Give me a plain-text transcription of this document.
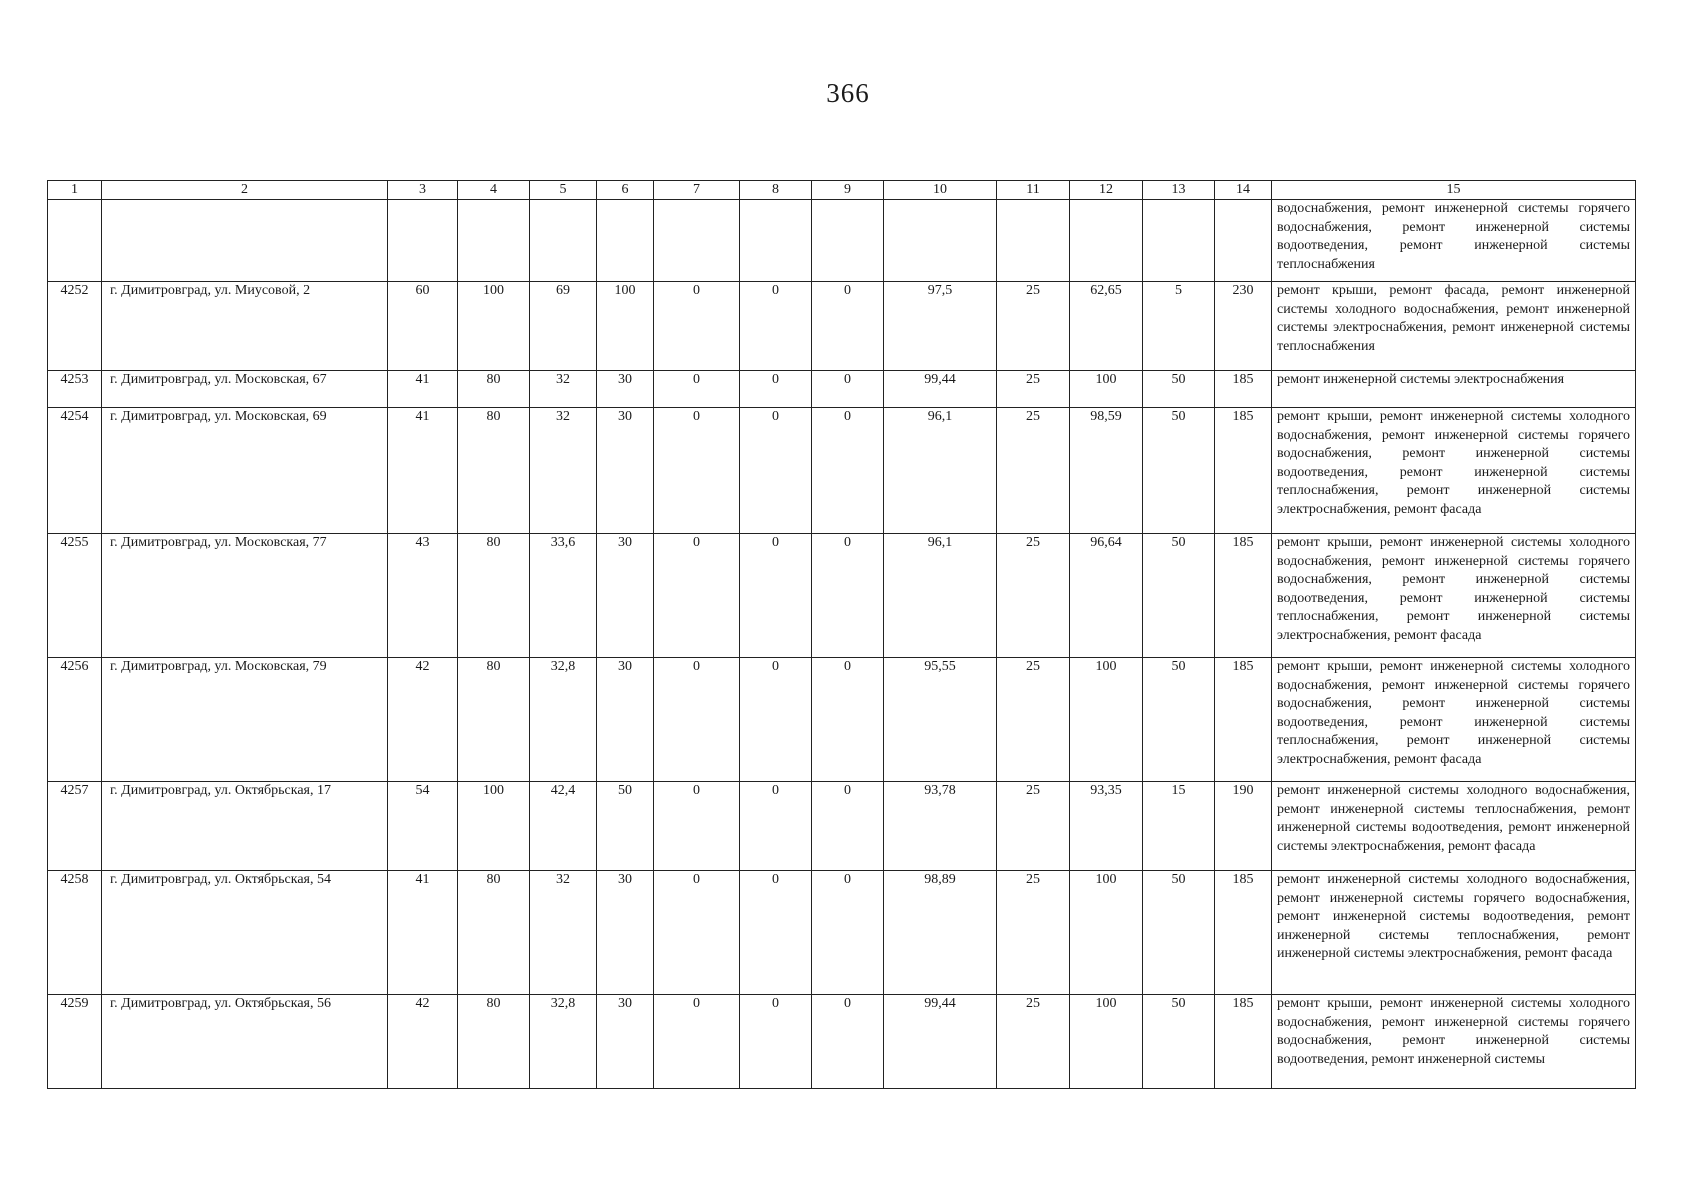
366
1	2	3	4	5	6	7	8	9	10	11	12	13	14	15
														водоснабжения, ремонт инженерной системы горячего водоснабжения, ремонт инженерной системы водоотведения, ремонт инженерной системы теплоснабжения
4252	г. Димитровград, ул. Миусовой, 2	60	100	69	100	0	0	0	97,5	25	62,65	5	230	ремонт крыши, ремонт фасада, ремонт инженерной системы холодного водоснабжения, ремонт инженерной системы электроснабжения, ремонт инженерной системы теплоснабжения
4253	г. Димитровград, ул. Московская, 67	41	80	32	30	0	0	0	99,44	25	100	50	185	ремонт инженерной системы электроснабжения
4254	г. Димитровград, ул. Московская, 69	41	80	32	30	0	0	0	96,1	25	98,59	50	185	ремонт крыши, ремонт инженерной системы холодного водоснабжения, ремонт инженерной системы горячего водоснабжения, ремонт инженерной системы водоотведения, ремонт инженерной системы теплоснабжения, ремонт инженерной системы электроснабжения, ремонт фасада
4255	г. Димитровград, ул. Московская, 77	43	80	33,6	30	0	0	0	96,1	25	96,64	50	185	ремонт крыши, ремонт инженерной системы холодного водоснабжения, ремонт инженерной системы горячего водоснабжения, ремонт инженерной системы водоотведения, ремонт инженерной системы теплоснабжения, ремонт инженерной системы электроснабжения, ремонт фасада
4256	г. Димитровград, ул. Московская, 79	42	80	32,8	30	0	0	0	95,55	25	100	50	185	ремонт крыши, ремонт инженерной системы холодного водоснабжения, ремонт инженерной системы горячего водоснабжения, ремонт инженерной системы водоотведения, ремонт инженерной системы теплоснабжения, ремонт инженерной системы электроснабжения, ремонт фасада
4257	г. Димитровград, ул. Октябрьская, 17	54	100	42,4	50	0	0	0	93,78	25	93,35	15	190	ремонт инженерной системы холодного водоснабжения, ремонт инженерной системы теплоснабжения, ремонт инженерной системы водоотведения, ремонт инженерной системы электроснабжения, ремонт фасада
4258	г. Димитровград, ул. Октябрьская, 54	41	80	32	30	0	0	0	98,89	25	100	50	185	ремонт инженерной системы холодного водоснабжения, ремонт инженерной системы горячего водоснабжения, ремонт инженерной системы водоотведения, ремонт инженерной системы теплоснабжения, ремонт инженерной системы электроснабжения, ремонт фасада
4259	г. Димитровград, ул. Октябрьская, 56	42	80	32,8	30	0	0	0	99,44	25	100	50	185	ремонт крыши, ремонт инженерной системы холодного водоснабжения, ремонт инженерной системы горячего водоснабжения, ремонт инженерной системы водоотведения, ремонт инженерной системы
